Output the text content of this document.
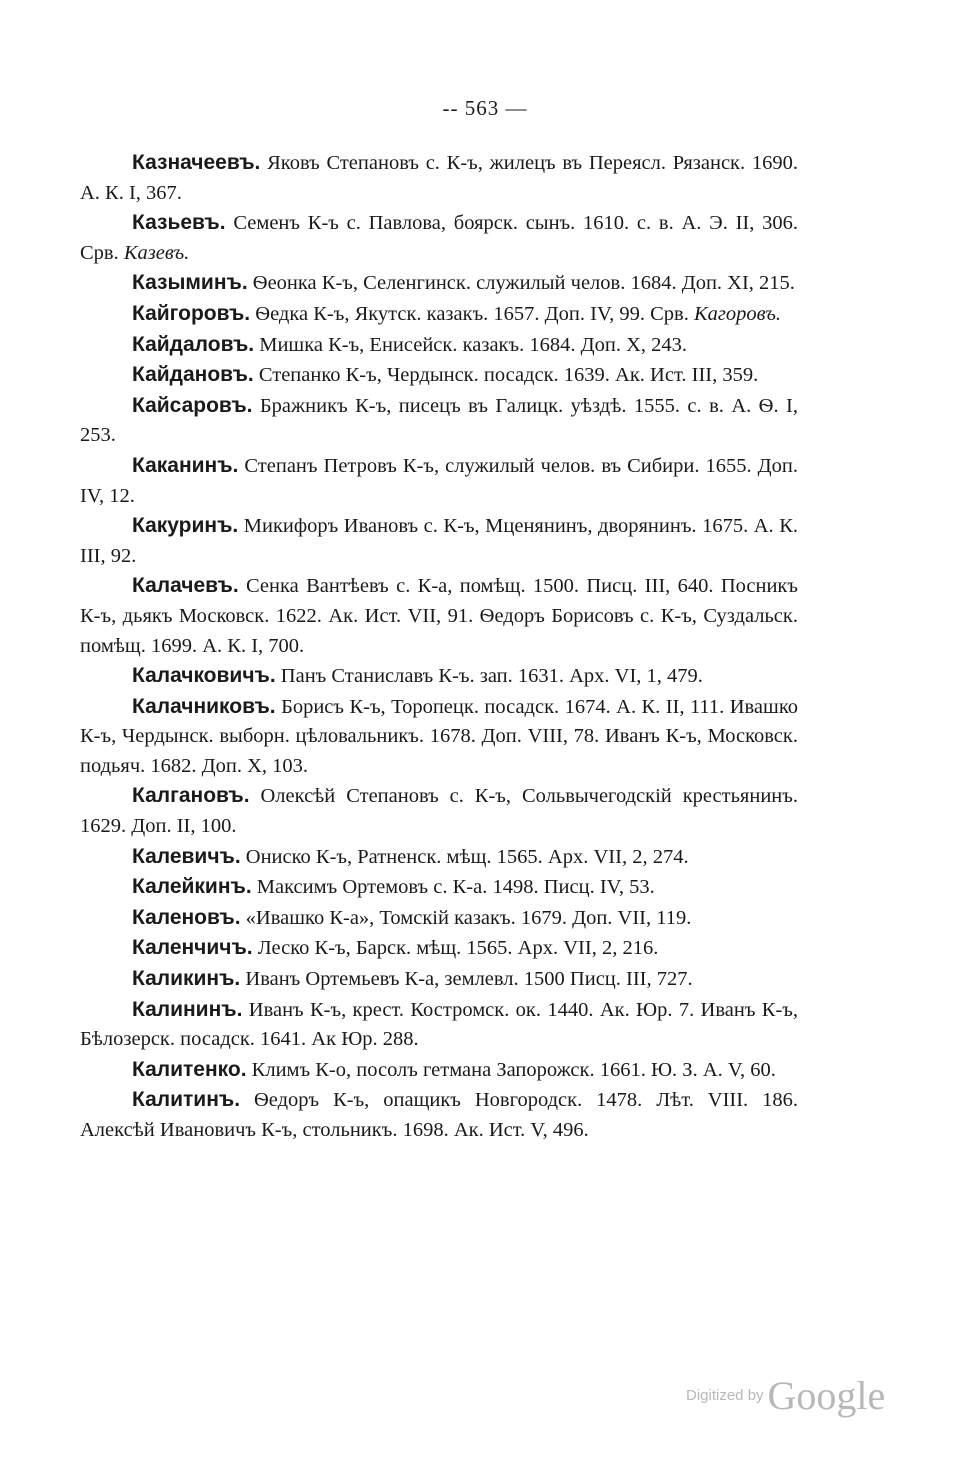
-- 563 —

Казначеевъ. Яковъ Степановъ с. К-ъ, жилецъ въ Переясл. Рязанск. 1690. А. К. I, 367.

Казьевъ. Семенъ К-ъ с. Павлова, боярск. сынъ. 1610. с. в. А. Э. II, 306. Срв. Казевъ.

Казыминъ. Ѳеонка К-ъ, Селенгинск. служилый челов. 1684. Доп. XI, 215.

Кайгоровъ. Ѳедка К-ъ, Якутск. казакъ. 1657. Доп. IV, 99. Срв. Кагоровъ.

Кайдаловъ. Мишка К-ъ, Енисейск. казакъ. 1684. Доп. X, 243.

Кайдановъ. Степанко К-ъ, Чердынск. посадск. 1639. Ак. Ист. III, 359.

Кайсаровъ. Бражникъ К-ъ, писецъ въ Галицк. уѣздѣ. 1555. с. в. А. Ѳ. I, 253.

Каканинъ. Степанъ Петровъ К-ъ, служилый челов. въ Сибири. 1655. Доп. IV, 12.

Какуринъ. Микифоръ Ивановъ с. К-ъ, Мценянинъ, дворянинъ. 1675. А. К. III, 92.

Калачевъ. Сенка Вантѣевъ с. К-а, помѣщ. 1500. Писц. III, 640. Посникъ К-ъ, дьякъ Московск. 1622. Ак. Ист. VII, 91. Ѳедоръ Борисовъ с. К-ъ, Суздальск. помѣщ. 1699. А. К. I, 700.

Калачковичъ. Панъ Станиславъ К-ъ. зап. 1631. Арх. VI, 1, 479.

Калачниковъ. Борисъ К-ъ, Торопецк. посадск. 1674. А. К. II, 111. Ивашко К-ъ, Чердынск. выборн. цѣловальникъ. 1678. Доп. VIII, 78. Иванъ К-ъ, Московск. подьяч. 1682. Доп. X, 103.

Калгановъ. Олексѣй Степановъ с. К-ъ, Сольвычегодскій крестьянинъ. 1629. Доп. II, 100.

Калевичъ. Ониско К-ъ, Ратненск. мѣщ. 1565. Арх. VII, 2, 274.

Калейкинъ. Максимъ Ортемовъ с. К-а. 1498. Писц. IV, 53.

Каленовъ. «Ивашко К-а», Томскій казакъ. 1679. Доп. VII, 119.

Каленчичъ. Леско К-ъ, Барск. мѣщ. 1565. Арх. VII, 2, 216.

Каликинъ. Иванъ Ортемьевъ К-а, землевл. 1500 Писц. III, 727.

Калининъ. Иванъ К-ъ, крест. Костромск. ок. 1440. Ак. Юр. 7. Иванъ К-ъ, Бѣлозерск. посадск. 1641. Ак Юр. 288.

Калитенко. Климъ К-о, посолъ гетмана Запорожск. 1661. Ю. З. А. V, 60.

Калитинъ. Ѳедоръ К-ъ, опащикъ Новгородск. 1478. Лѣт. VIII. 186. Алексѣй Ивановичъ К-ъ, стольникъ. 1698. Ак. Ист. V, 496.

Digitized by Google
